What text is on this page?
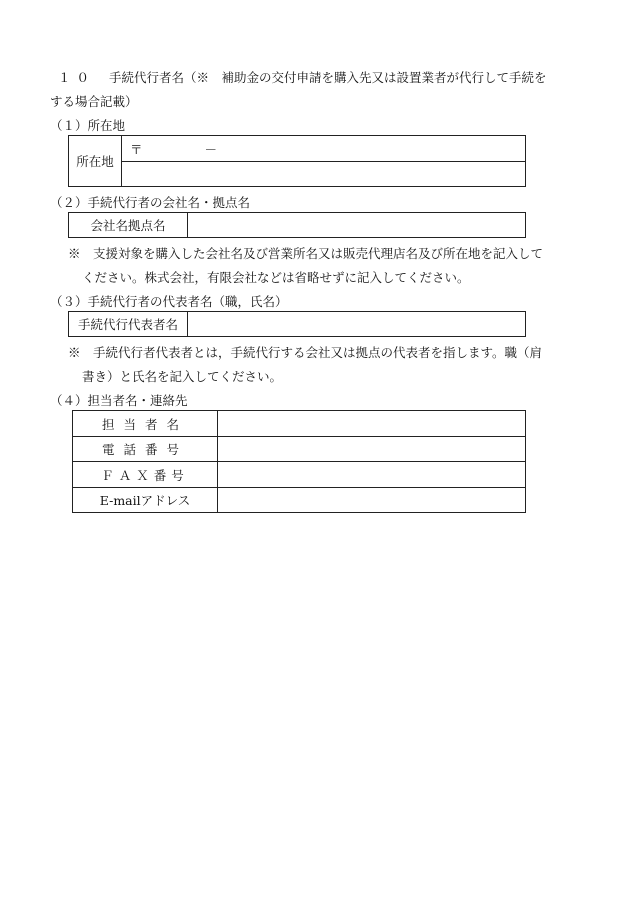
１０ 手続代行者名（※　補助金の交付申請を購入先又は設置業者が代行して手続を
する場合記載）
（１）所在地
所在地
〒	－
（２）手続代行者の会社名・拠点名
会社名拠点名
※　支援対象を購入した会社名及び営業所名又は販売代理店名及び所在地を記入して
ください。株式会社，有限会社などは省略せずに記入してください。
（３）手続代行者の代表者名（職，氏名）
手続代行代表者名
※　手続代行者代表者とは，手続代行する会社又は拠点の代表者を指します。職（肩
書き）と氏名を記入してください。
（４）担当者名・連絡先
担当者名
電話番号
ＦＡＸ番号
E-mailアドレス
